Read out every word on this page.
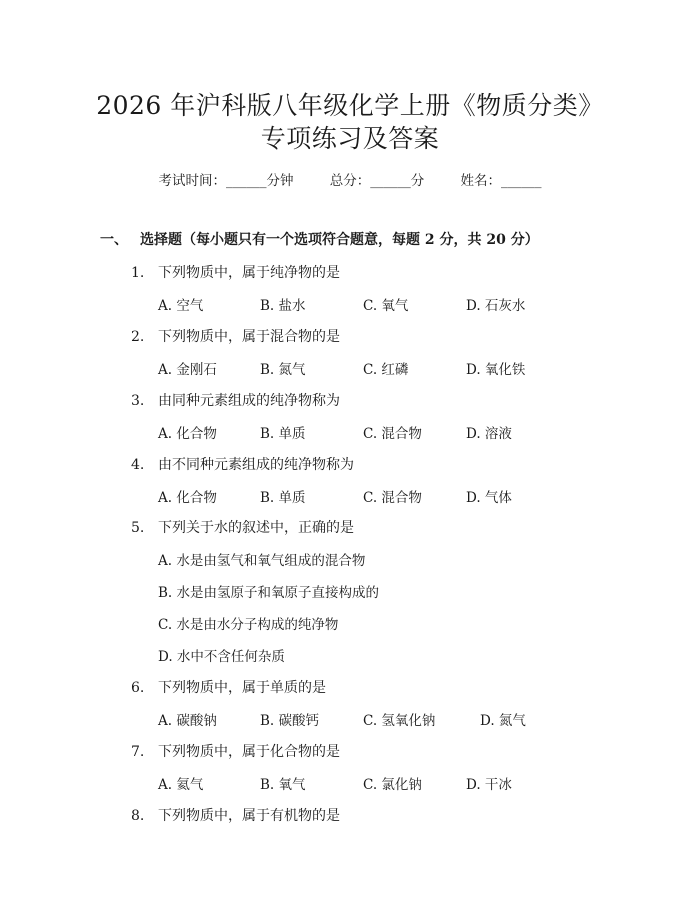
2026 年沪科版八年级化学上册《物质分类》
专项练习及答案
考试时间：______分钟	总分：______分	姓名：______
一、 选择题（每小题只有一个选项符合题意，每题 2 分，共 20 分）
1. 下列物质中，属于纯净物的是
A. 空气	B. 盐水	C. 氧气	D. 石灰水
2. 下列物质中，属于混合物的是
A. 金刚石	B. 氮气	C. 红磷	D. 氧化铁
3. 由同种元素组成的纯净物称为
A. 化合物	B. 单质	C. 混合物	D. 溶液
4. 由不同种元素组成的纯净物称为
A. 化合物	B. 单质	C. 混合物	D. 气体
5. 下列关于水的叙述中，正确的是
A. 水是由氢气和氧气组成的混合物
B. 水是由氢原子和氧原子直接构成的
C. 水是由水分子构成的纯净物
D. 水中不含任何杂质
6. 下列物质中，属于单质的是
A. 碳酸钠	B. 碳酸钙	C. 氢氧化钠	D. 氮气
7. 下列物质中，属于化合物的是
A. 氦气	B. 氧气	C. 氯化钠	D. 干冰
8. 下列物质中，属于有机物的是
